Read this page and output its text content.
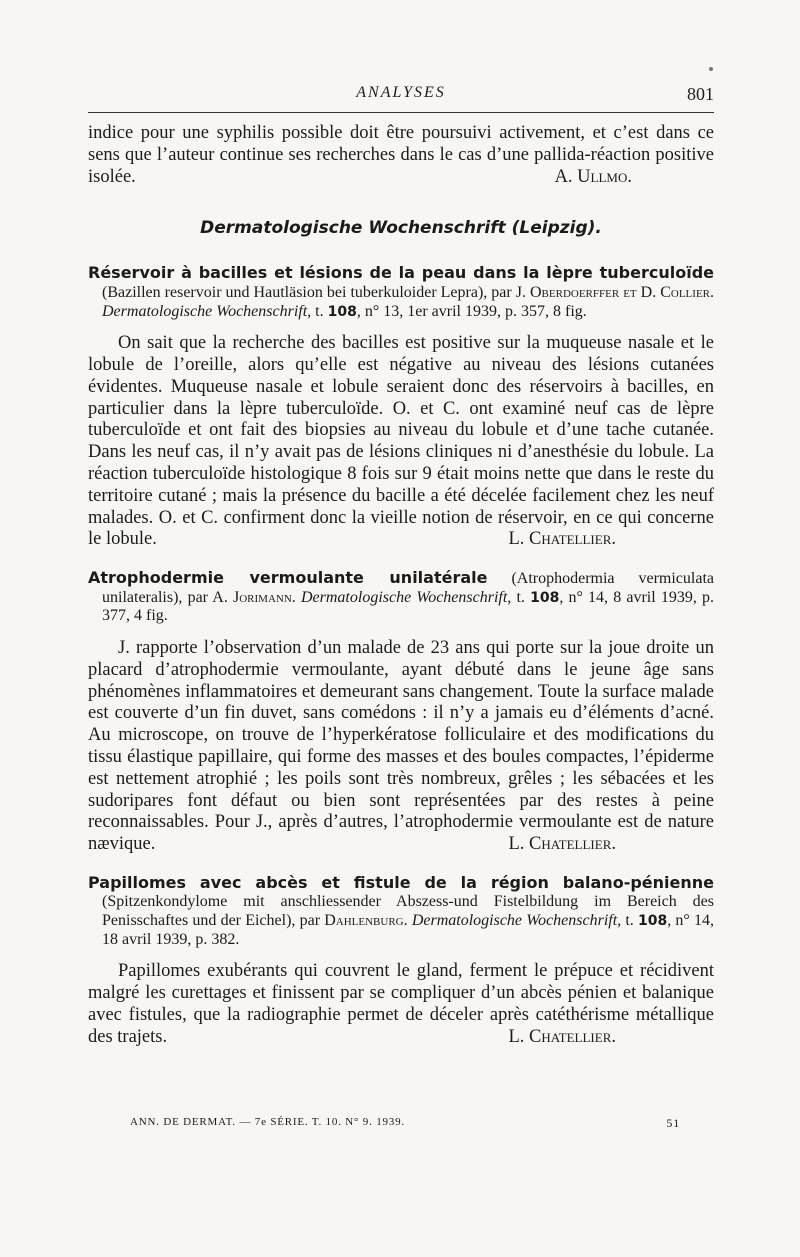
ANALYSES	801

indice pour une syphilis possible doit être poursuivi activement, et c’est dans ce sens que l’auteur continue ses recherches dans le cas d’une pallida-réaction positive isolée.	A. Ullmo.

Dermatologische Wochenschrift (Leipzig).

Réservoir à bacilles et lésions de la peau dans la lèpre tuberculoïde (Bazillen reservoir und Hautläsion bei tuberkuloider Lepra), par J. Oberdoerffer et D. Collier. Dermatologische Wochenschrift, t. 108, n° 13, 1er avril 1939, p. 357, 8 fig.

On sait que la recherche des bacilles est positive sur la muqueuse nasale et le lobule de l’oreille, alors qu’elle est négative au niveau des lésions cutanées évidentes. Muqueuse nasale et lobule seraient donc des réservoirs à bacilles, en particulier dans la lèpre tuberculoïde. O. et C. ont examiné neuf cas de lèpre tuberculoïde et ont fait des biopsies au niveau du lobule et d’une tache cutanée. Dans les neuf cas, il n’y avait pas de lésions cliniques ni d’anesthésie du lobule. La réaction tuberculoïde histologique 8 fois sur 9 était moins nette que dans le reste du territoire cutané ; mais la présence du bacille a été décelée facilement chez les neuf malades. O. et C. confirment donc la vieille notion de réservoir, en ce qui concerne le lobule.	L. Chatellier.

Atrophodermie vermoulante unilatérale (Atrophodermia vermiculata unilateralis), par A. Jorimann. Dermatologische Wochenschrift, t. 108, n° 14, 8 avril 1939, p. 377, 4 fig.

J. rapporte l’observation d’un malade de 23 ans qui porte sur la joue droite un placard d’atrophodermie vermoulante, ayant débuté dans le jeune âge sans phénomènes inflammatoires et demeurant sans changement. Toute la surface malade est couverte d’un fin duvet, sans comédons : il n’y a jamais eu d’éléments d’acné. Au microscope, on trouve de l’hyperkératose folliculaire et des modifications du tissu élastique papillaire, qui forme des masses et des boules compactes, l’épiderme est nettement atrophié ; les poils sont très nombreux, grêles ; les sébacées et les sudoripares font défaut ou bien sont représentées par des restes à peine reconnaissables. Pour J., après d’autres, l’atrophodermie vermoulante est de nature nævique.	L. Chatellier.

Papillomes avec abcès et fistule de la région balano-pénienne (Spitzenkondylome mit anschliessender Abszess-und Fistelbildung im Bereich des Penisschaftes und der Eichel), par Dahlenburg. Dermatologische Wochenschrift, t. 108, n° 14, 18 avril 1939, p. 382.

Papillomes exubérants qui couvrent le gland, ferment le prépuce et récidivent malgré les curettages et finissent par se compliquer d’un abcès pénien et balanique avec fistules, que la radiographie permet de déceler après catéthérisme métallique des trajets.	L. Chatellier.

ANN. DE DERMAT. — 7e SÉRIE. T. 10. N° 9. 1939.	51
